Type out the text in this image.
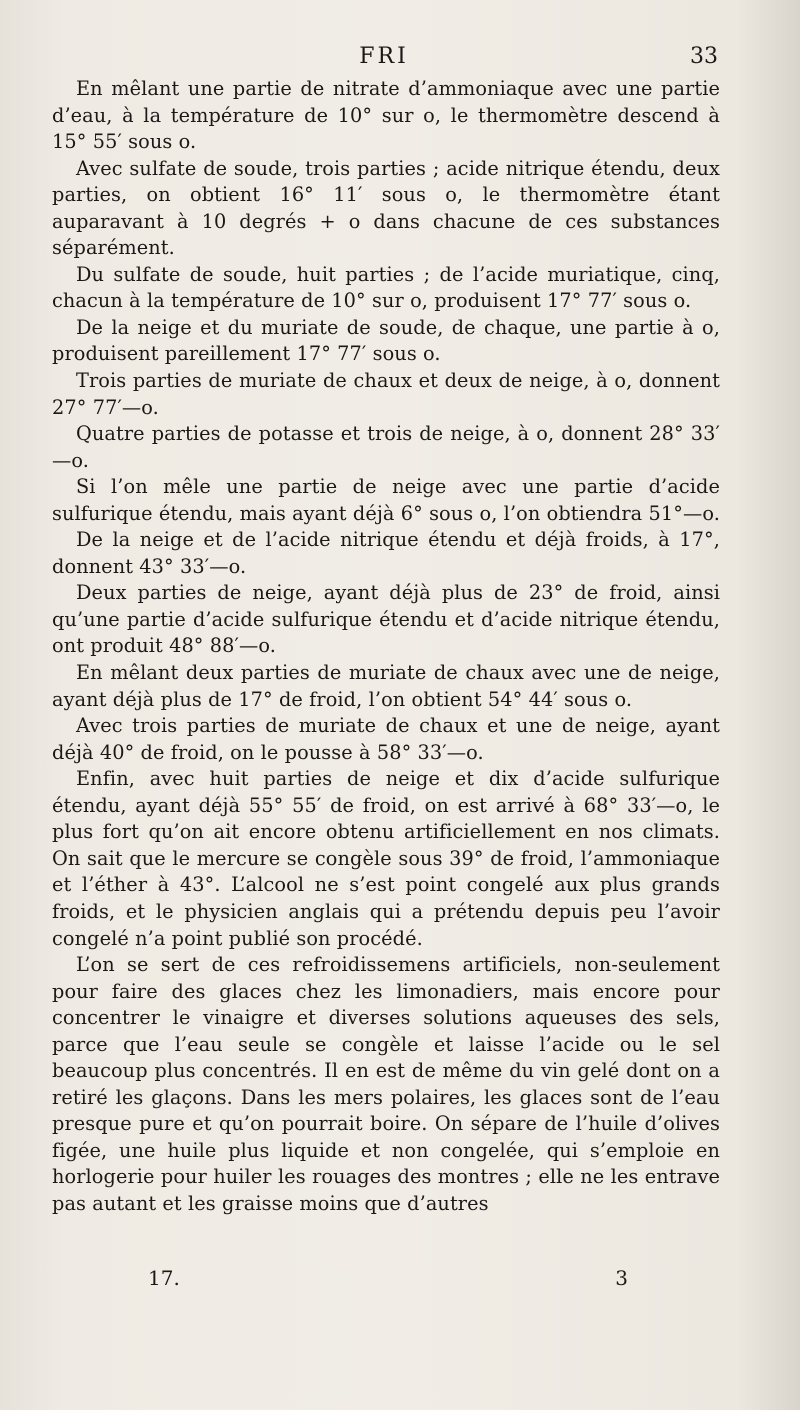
FRI	33

En mêlant une partie de nitrate d’ammoniaque avec une partie d’eau, à la température de 10° sur o, le thermomètre descend à 15° 55′ sous o.

Avec sulfate de soude, trois parties ; acide nitrique étendu, deux parties, on obtient 16° 11′ sous o, le thermomètre étant auparavant à 10 degrés + o dans chacune de ces substances séparément.

Du sulfate de soude, huit parties ; de l’acide muriatique, cinq, chacun à la température de 10° sur o, produisent 17° 77′ sous o.

De la neige et du muriate de soude, de chaque, une partie à o, produisent pareillement 17° 77′ sous o.

Trois parties de muriate de chaux et deux de neige, à o, donnent 27° 77′—o.

Quatre parties de potasse et trois de neige, à o, donnent 28° 33′—o.

Si l’on mêle une partie de neige avec une partie d’acide sulfurique étendu, mais ayant déjà 6° sous o, l’on obtiendra 51°—o.

De la neige et de l’acide nitrique étendu et déjà froids, à 17°, donnent 43° 33′—o.

Deux parties de neige, ayant déjà plus de 23° de froid, ainsi qu’une partie d’acide sulfurique étendu et d’acide nitrique étendu, ont produit 48° 88′—o.

En mêlant deux parties de muriate de chaux avec une de neige, ayant déjà plus de 17° de froid, l’on obtient 54° 44′ sous o.

Avec trois parties de muriate de chaux et une de neige, ayant déjà 40° de froid, on le pousse à 58° 33′—o.

Enfin, avec huit parties de neige et dix d’acide sulfurique étendu, ayant déjà 55° 55′ de froid, on est arrivé à 68° 33′—o, le plus fort qu’on ait encore obtenu artificiellement en nos climats. On sait que le mercure se congèle sous 39° de froid, l’ammoniaque et l’éther à 43°. L’alcool ne s’est point congelé aux plus grands froids, et le physicien anglais qui a prétendu depuis peu l’avoir congelé n’a point publié son procédé.

L’on se sert de ces refroidissemens artificiels, non-seulement pour faire des glaces chez les limonadiers, mais encore pour concentrer le vinaigre et diverses solutions aqueuses des sels, parce que l’eau seule se congèle et laisse l’acide ou le sel beaucoup plus concentrés. Il en est de même du vin gelé dont on a retiré les glaçons. Dans les mers polaires, les glaces sont de l’eau presque pure et qu’on pourrait boire. On sépare de l’huile d’olives figée, une huile plus liquide et non congelée, qui s’emploie en horlogerie pour huiler les rouages des montres ; elle ne les entrave pas autant et les graisse moins que d’autres

17.	3
